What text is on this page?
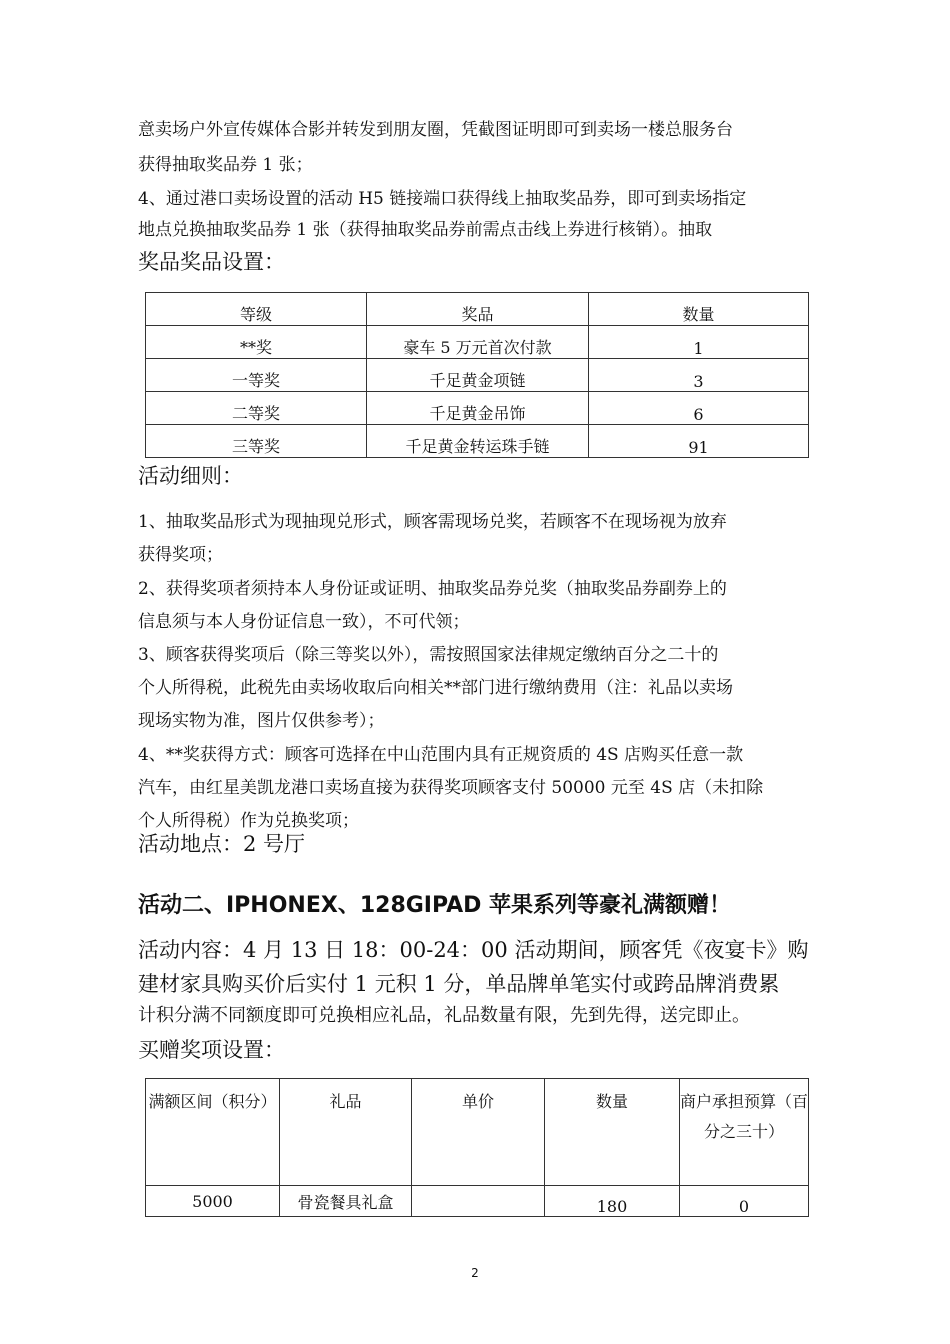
意卖场户外宣传媒体合影并转发到朋友圈，凭截图证明即可到卖场一楼总服务台
获得抽取奖品券 1 张；
4、通过港口卖场设置的活动 H5 链接端口获得线上抽取奖品券，即可到卖场指定
地点兑换抽取奖品券 1 张（获得抽取奖品券前需点击线上券进行核销）。抽取
奖品奖品设置：
等级	奖品	数量
**奖	豪车 5 万元首次付款	1
一等奖	千足黄金项链	3
二等奖	千足黄金吊饰	6
三等奖	千足黄金转运珠手链	91
活动细则：
1、抽取奖品形式为现抽现兑形式，顾客需现场兑奖，若顾客不在现场视为放弃
获得奖项；
2、获得奖项者须持本人身份证或证明、抽取奖品券兑奖（抽取奖品券副券上的
信息须与本人身份证信息一致），不可代领；
3、顾客获得奖项后（除三等奖以外），需按照国家法律规定缴纳百分之二十的
个人所得税，此税先由卖场收取后向相关**部门进行缴纳费用（注：礼品以卖场
现场实物为准，图片仅供参考）；
4、**奖获得方式：顾客可选择在中山范围内具有正规资质的 4S 店购买任意一款
汽车，由红星美凯龙港口卖场直接为获得奖项顾客支付 50000 元至 4S 店（未扣除
个人所得税）作为兑换奖项；
活动地点：2 号厅
活动二、IPHONEX、128GIPAD 苹果系列等豪礼满额赠！
活动内容：4 月 13 日 18：00-24：00 活动期间，顾客凭《夜宴卡》购
建材家具购买价后实付 1 元积 1 分，单品牌单笔实付或跨品牌消费累
计积分满不同额度即可兑换相应礼品，礼品数量有限，先到先得，送完即止。
买赠奖项设置：
满额区间（积分）	礼品	单价	数量	商户承担预算（百分之三十）
5000	骨瓷餐具礼盒		180	0
2
